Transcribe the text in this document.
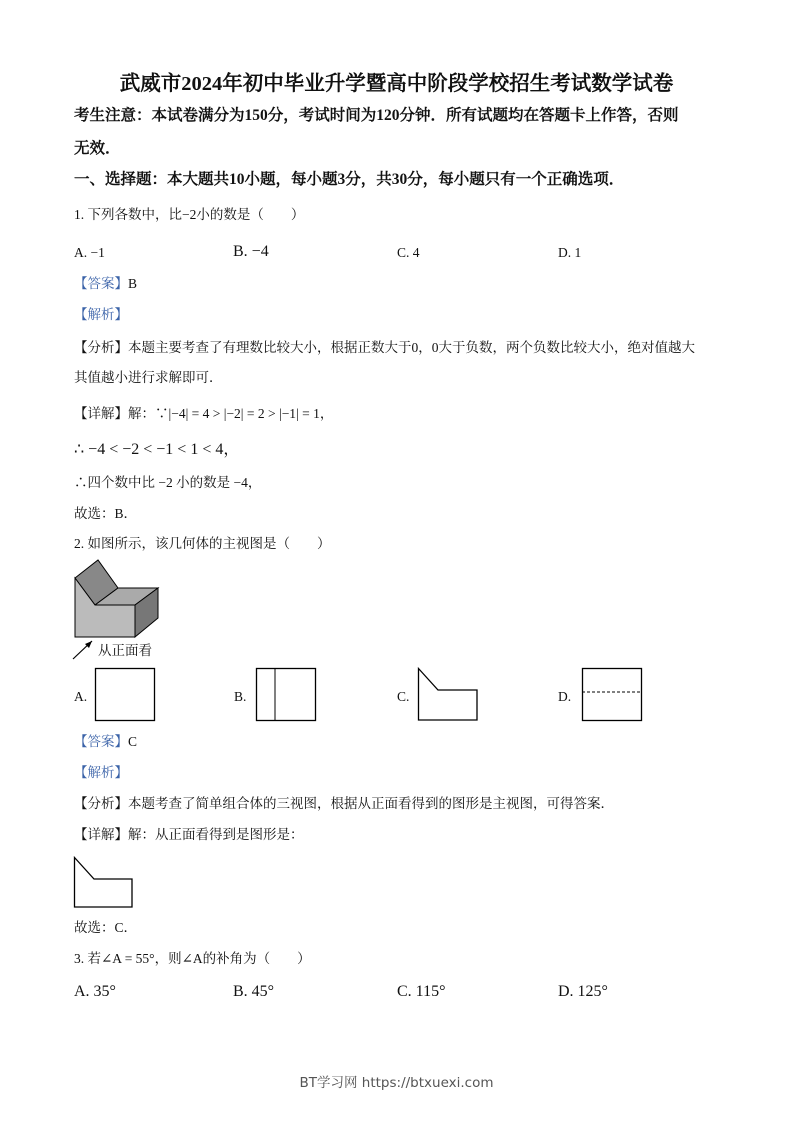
武威市2024年初中毕业升学暨高中阶段学校招生考试数学试卷
考生注意：本试卷满分为150分，考试时间为120分钟．所有试题均在答题卡上作答，否则
无效．
一、选择题：本大题共10小题，每小题3分，共30分，每小题只有一个正确选项．
1. 下列各数中，比−2小的数是（　　）
A. −1	B. −4	C. 4	D. 1
【答案】B
【解析】
【分析】本题主要考查了有理数比较大小，根据正数大于0，0大于负数，两个负数比较大小，绝对值越大
其值越小进行求解即可．
【详解】解：∵|−4| = 4 > |−2| = 2 > |−1| = 1，
∴ −4 < −2 < −1 < 1 < 4，
∴四个数中比 −2 小的数是 −4，
故选：B．
2. 如图所示，该几何体的主视图是（　　）
从正面看
A.	B.	C.	D.
【答案】C
【解析】
【分析】本题考查了简单组合体的三视图，根据从正面看得到的图形是主视图，可得答案．
【详解】解：从正面看得到是图形是：
故选：C．
3. 若∠A = 55°，则∠A的补角为（　　）
A. 35°	B. 45°	C. 115°	D. 125°
BT学习网 https://btxuexi.com
